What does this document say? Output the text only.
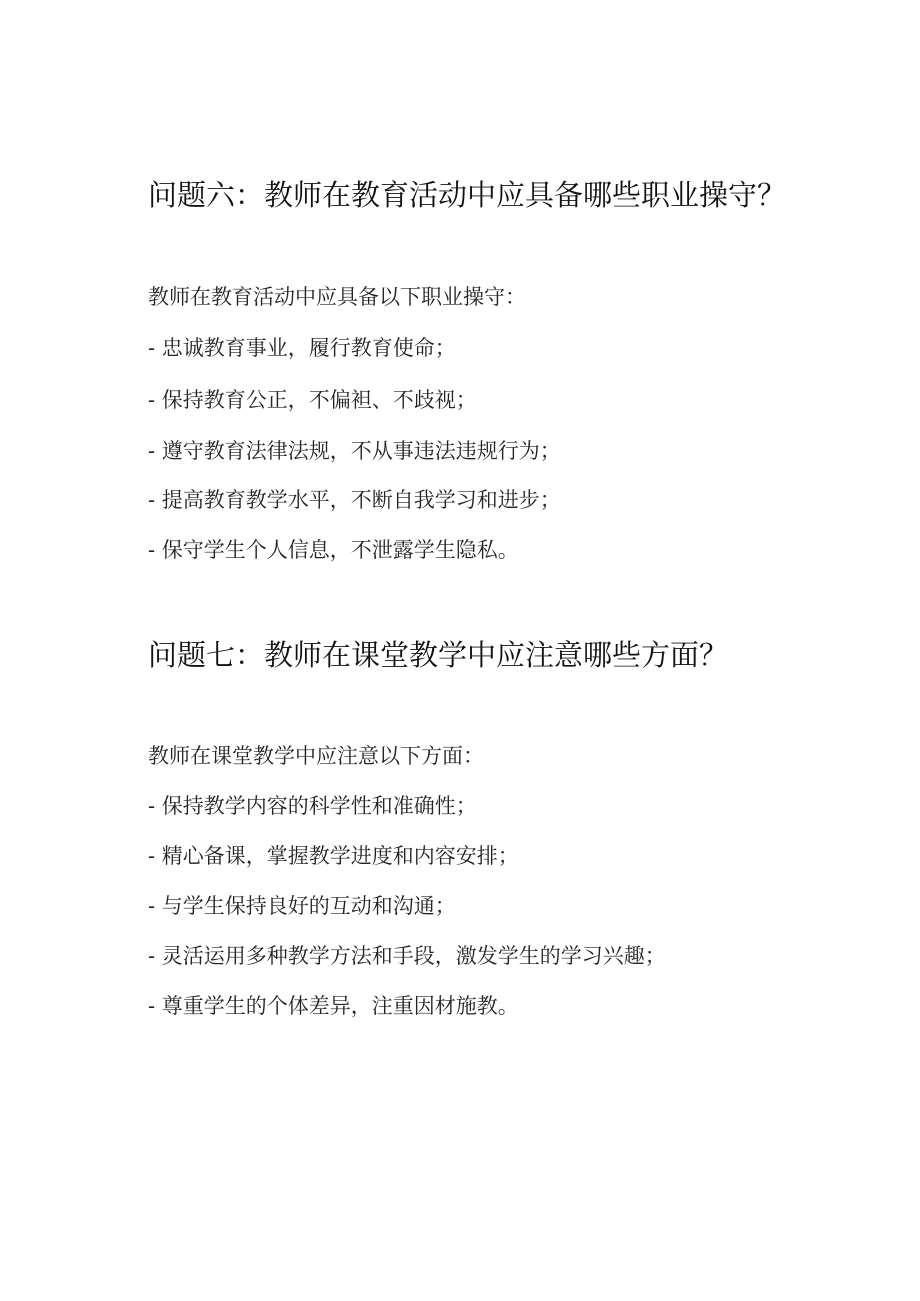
问题六：教师在教育活动中应具备哪些职业操守？

教师在教育活动中应具备以下职业操守：

- 忠诚教育事业，履行教育使命；

- 保持教育公正，不偏袒、不歧视；

- 遵守教育法律法规，不从事违法违规行为；

- 提高教育教学水平，不断自我学习和进步；

- 保守学生个人信息，不泄露学生隐私。

问题七：教师在课堂教学中应注意哪些方面？

教师在课堂教学中应注意以下方面：

- 保持教学内容的科学性和准确性；

- 精心备课，掌握教学进度和内容安排；

- 与学生保持良好的互动和沟通；

- 灵活运用多种教学方法和手段，激发学生的学习兴趣；

- 尊重学生的个体差异，注重因材施教。
